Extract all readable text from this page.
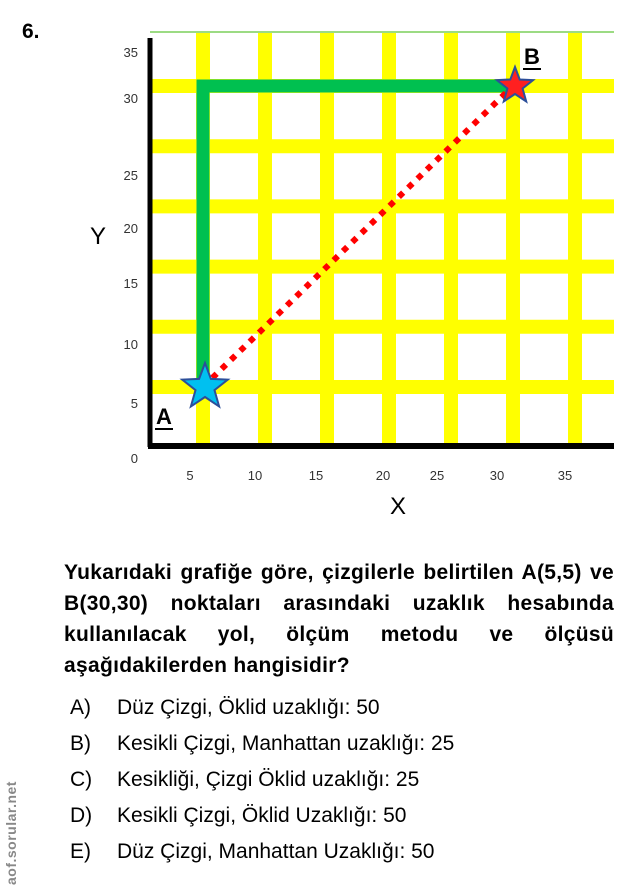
6.
A
B
5	10	15	20	25	30	35
0
5
10
15
20
25
30
35
Y
X
Yukarıdaki grafiğe göre, çizgilerle belirtilen A(5,5) ve B(30,30) noktaları arasındaki uzaklık hesabında kullanılacak yol, ölçüm metodu ve ölçüsü aşağıdakilerden hangisidir?
A) Düz Çizgi, Öklid uzaklığı: 50
B) Kesikli Çizgi, Manhattan uzaklığı: 25
C) Kesikliği, Çizgi Öklid uzaklığı: 25
D) Kesikli Çizgi, Öklid Uzaklığı: 50
E) Düz Çizgi, Manhattan Uzaklığı: 50
aof.sorular.net
